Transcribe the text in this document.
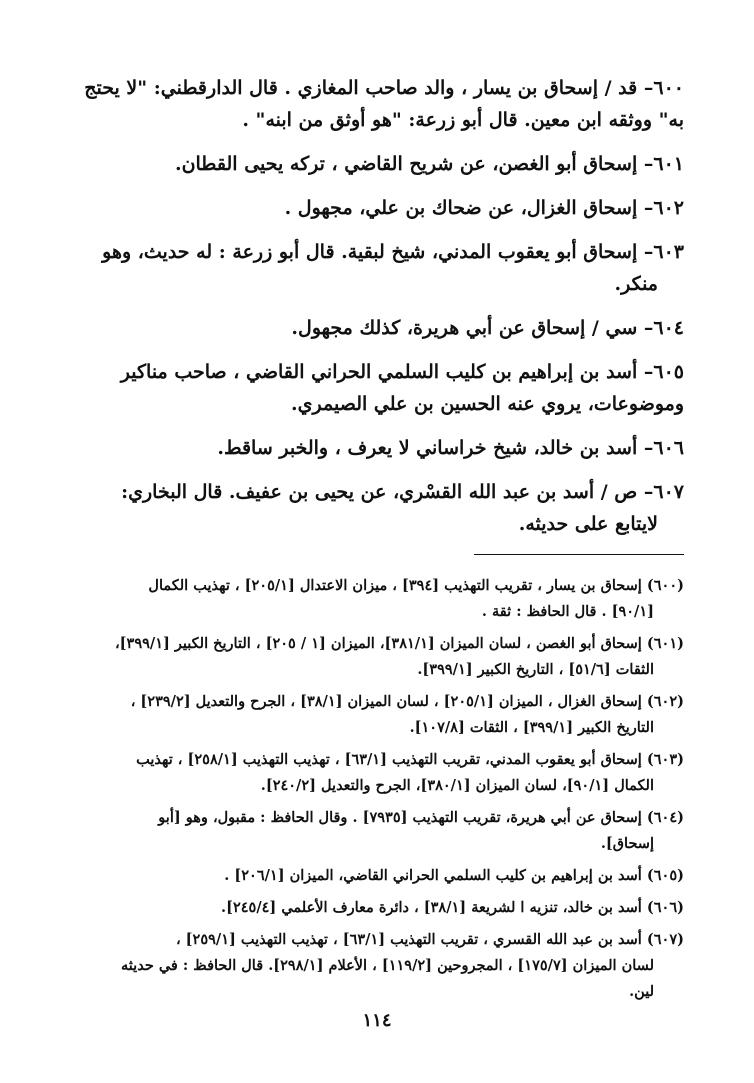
٦٠٠– قد / إسحاق بن يسار ، والد صاحب المغازي . قال الدارقطني: "لا يحتج
به" ووثقه ابن معين. قال أبو زرعة: "هو أوثق من ابنه" .
٦٠١– إسحاق أبو الغصن، عن شريح القاضي ، تركه يحيى القطان.
٦٠٢– إسحاق الغزال، عن ضحاك بن علي، مجهول .
٦٠٣– إسحاق أبو يعقوب المدني، شيخ لبقية. قال أبو زرعة : له حديث، وهو
منكر.
٦٠٤– سي / إسحاق عن أبي هريرة، كذلك مجهول.
٦٠٥– أسد بن إبراهيم بن كليب السلمي الحراني القاضي ، صاحب مناكير
وموضوعات، يروي عنه الحسين بن علي الصيمري.
٦٠٦– أسد بن خالد، شيخ خراساني لا يعرف ، والخبر ساقط.
٦٠٧– ص / أسد بن عبد الله القسْري، عن يحيى بن عفيف. قال البخاري:
لايتابع على حديثه.
(٦٠٠) إسحاق بن يسار ، تقريب التهذيب [٣٩٤] ، ميزان الاعتدال [٢٠٥/١] ، تهذيب الكمال
[٩٠/١] . قال الحافظ : ثقة .
(٦٠١) إسحاق أبو الغصن ، لسان الميزان [٣٨١/١]، الميزان [١ / ٢٠٥] ، التاريخ الكبير [٣٩٩/١]،
الثقات [٥١/٦] ، التاريخ الكبير [٣٩٩/١].
(٦٠٢) إسحاق الغزال ، الميزان [٢٠٥/١] ، لسان الميزان [٣٨/١] ، الجرح والتعديل [٢٣٩/٢] ،
التاريخ الكبير [٣٩٩/١] ، الثقات [١٠٧/٨].
(٦٠٣) إسحاق أبو يعقوب المدني، تقريب التهذيب [٦٣/١] ، تهذيب التهذيب [٢٥٨/١] ، تهذيب
الكمال [٩٠/١]، لسان الميزان [٣٨٠/١]، الجرح والتعديل [٢٤٠/٢].
(٦٠٤) إسحاق عن أبي هريرة، تقريب التهذيب [٧٩٣٥] . وقال الحافظ : مقبول، وهو [أبو
إسحاق].
(٦٠٥) أسد بن إبراهيم بن كليب السلمي الحراني القاضي، الميزان [٢٠٦/١] .
(٦٠٦) أسد بن خالد، تنزيه ا لشريعة [٣٨/١] ، دائرة معارف الأعلمي [٢٤٥/٤].
(٦٠٧) أسد بن عبد الله القسري ، تقريب التهذيب [٦٣/١] ، تهذيب التهذيب [٢٥٩/١] ،
لسان الميزان [١٧٥/٧] ، المجروحين [١١٩/٢] ، الأعلام [٢٩٨/١]. قال الحافظ : في حديثه
لين.
١١٤
